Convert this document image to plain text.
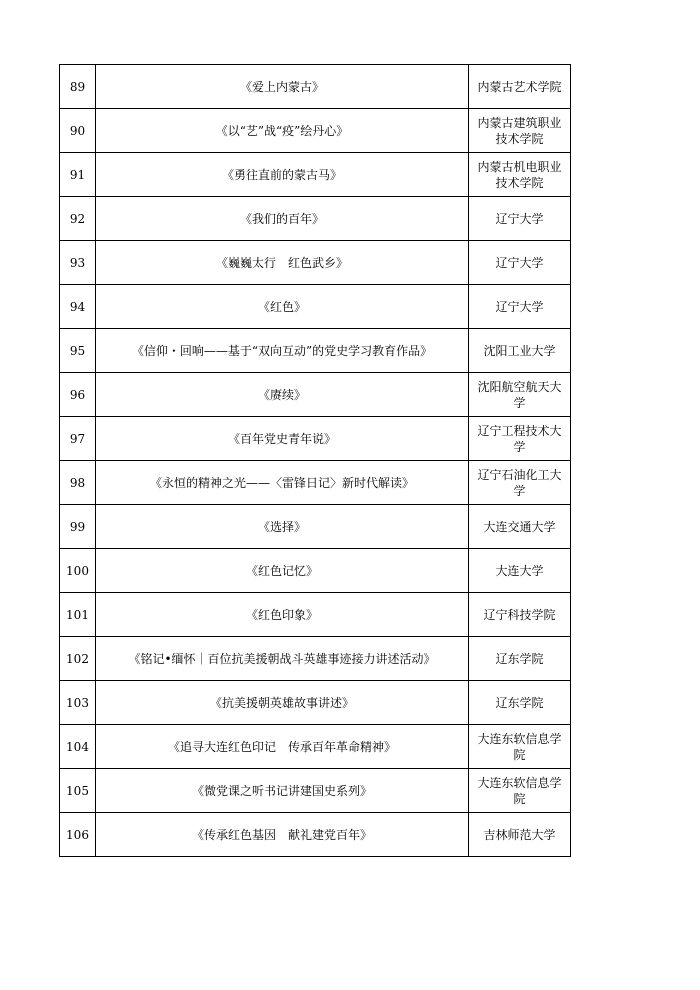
89	《爱上内蒙古》	内蒙古艺术学院
90	《以“艺”战“疫”绘丹心》	内蒙古建筑职业技术学院
91	《勇往直前的蒙古马》	内蒙古机电职业技术学院
92	《我们的百年》	辽宁大学
93	《巍巍太行　红色武乡》	辽宁大学
94	《红色》	辽宁大学
95	《信仰・回响——基于“双向互动”的党史学习教育作品》	沈阳工业大学
96	《赓续》	沈阳航空航天大学
97	《百年党史青年说》	辽宁工程技术大学
98	《永恒的精神之光——〈雷锋日记〉新时代解读》	辽宁石油化工大学
99	《选择》	大连交通大学
100	《红色记忆》	大连大学
101	《红色印象》	辽宁科技学院
102	《铭记•缅怀｜百位抗美援朝战斗英雄事迹接力讲述活动》	辽东学院
103	《抗美援朝英雄故事讲述》	辽东学院
104	《追寻大连红色印记　传承百年革命精神》	大连东软信息学院
105	《微党课之听书记讲建国史系列》	大连东软信息学院
106	《传承红色基因　献礼建党百年》	吉林师范大学
